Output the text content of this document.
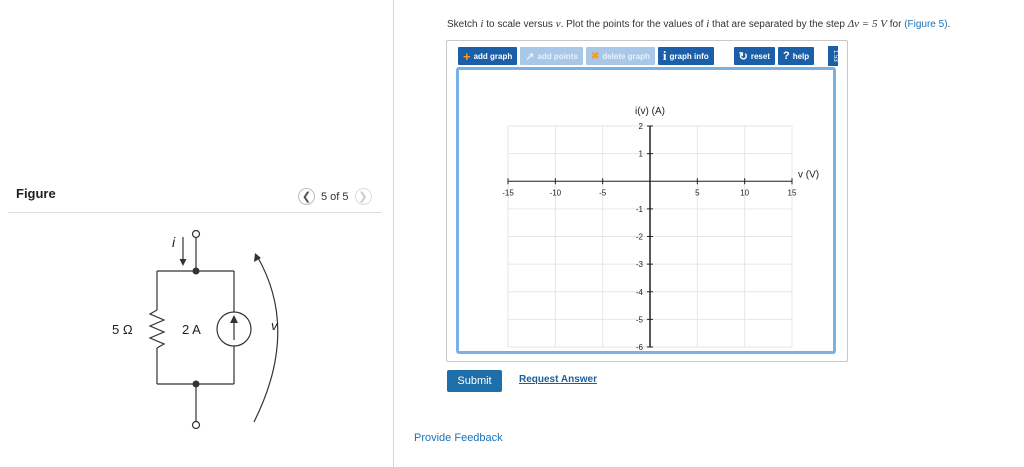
Figure	❮ 5 of 5 ❯
i
5 Ω	2 A	v
Sketch i to scale versus v. Plot the points for the values of i that are separated by the step Δv = 5 V for (Figure 5).
+ add graph ↗ add points ✖ delete graph i graph info	↻ reset ? help	1.53
-15	-10	-5	5	10	15
2
1
-1
-2
-3
-4
-5
-6
i(v) (A)
v (V)
Submit	Request Answer
Provide Feedback
